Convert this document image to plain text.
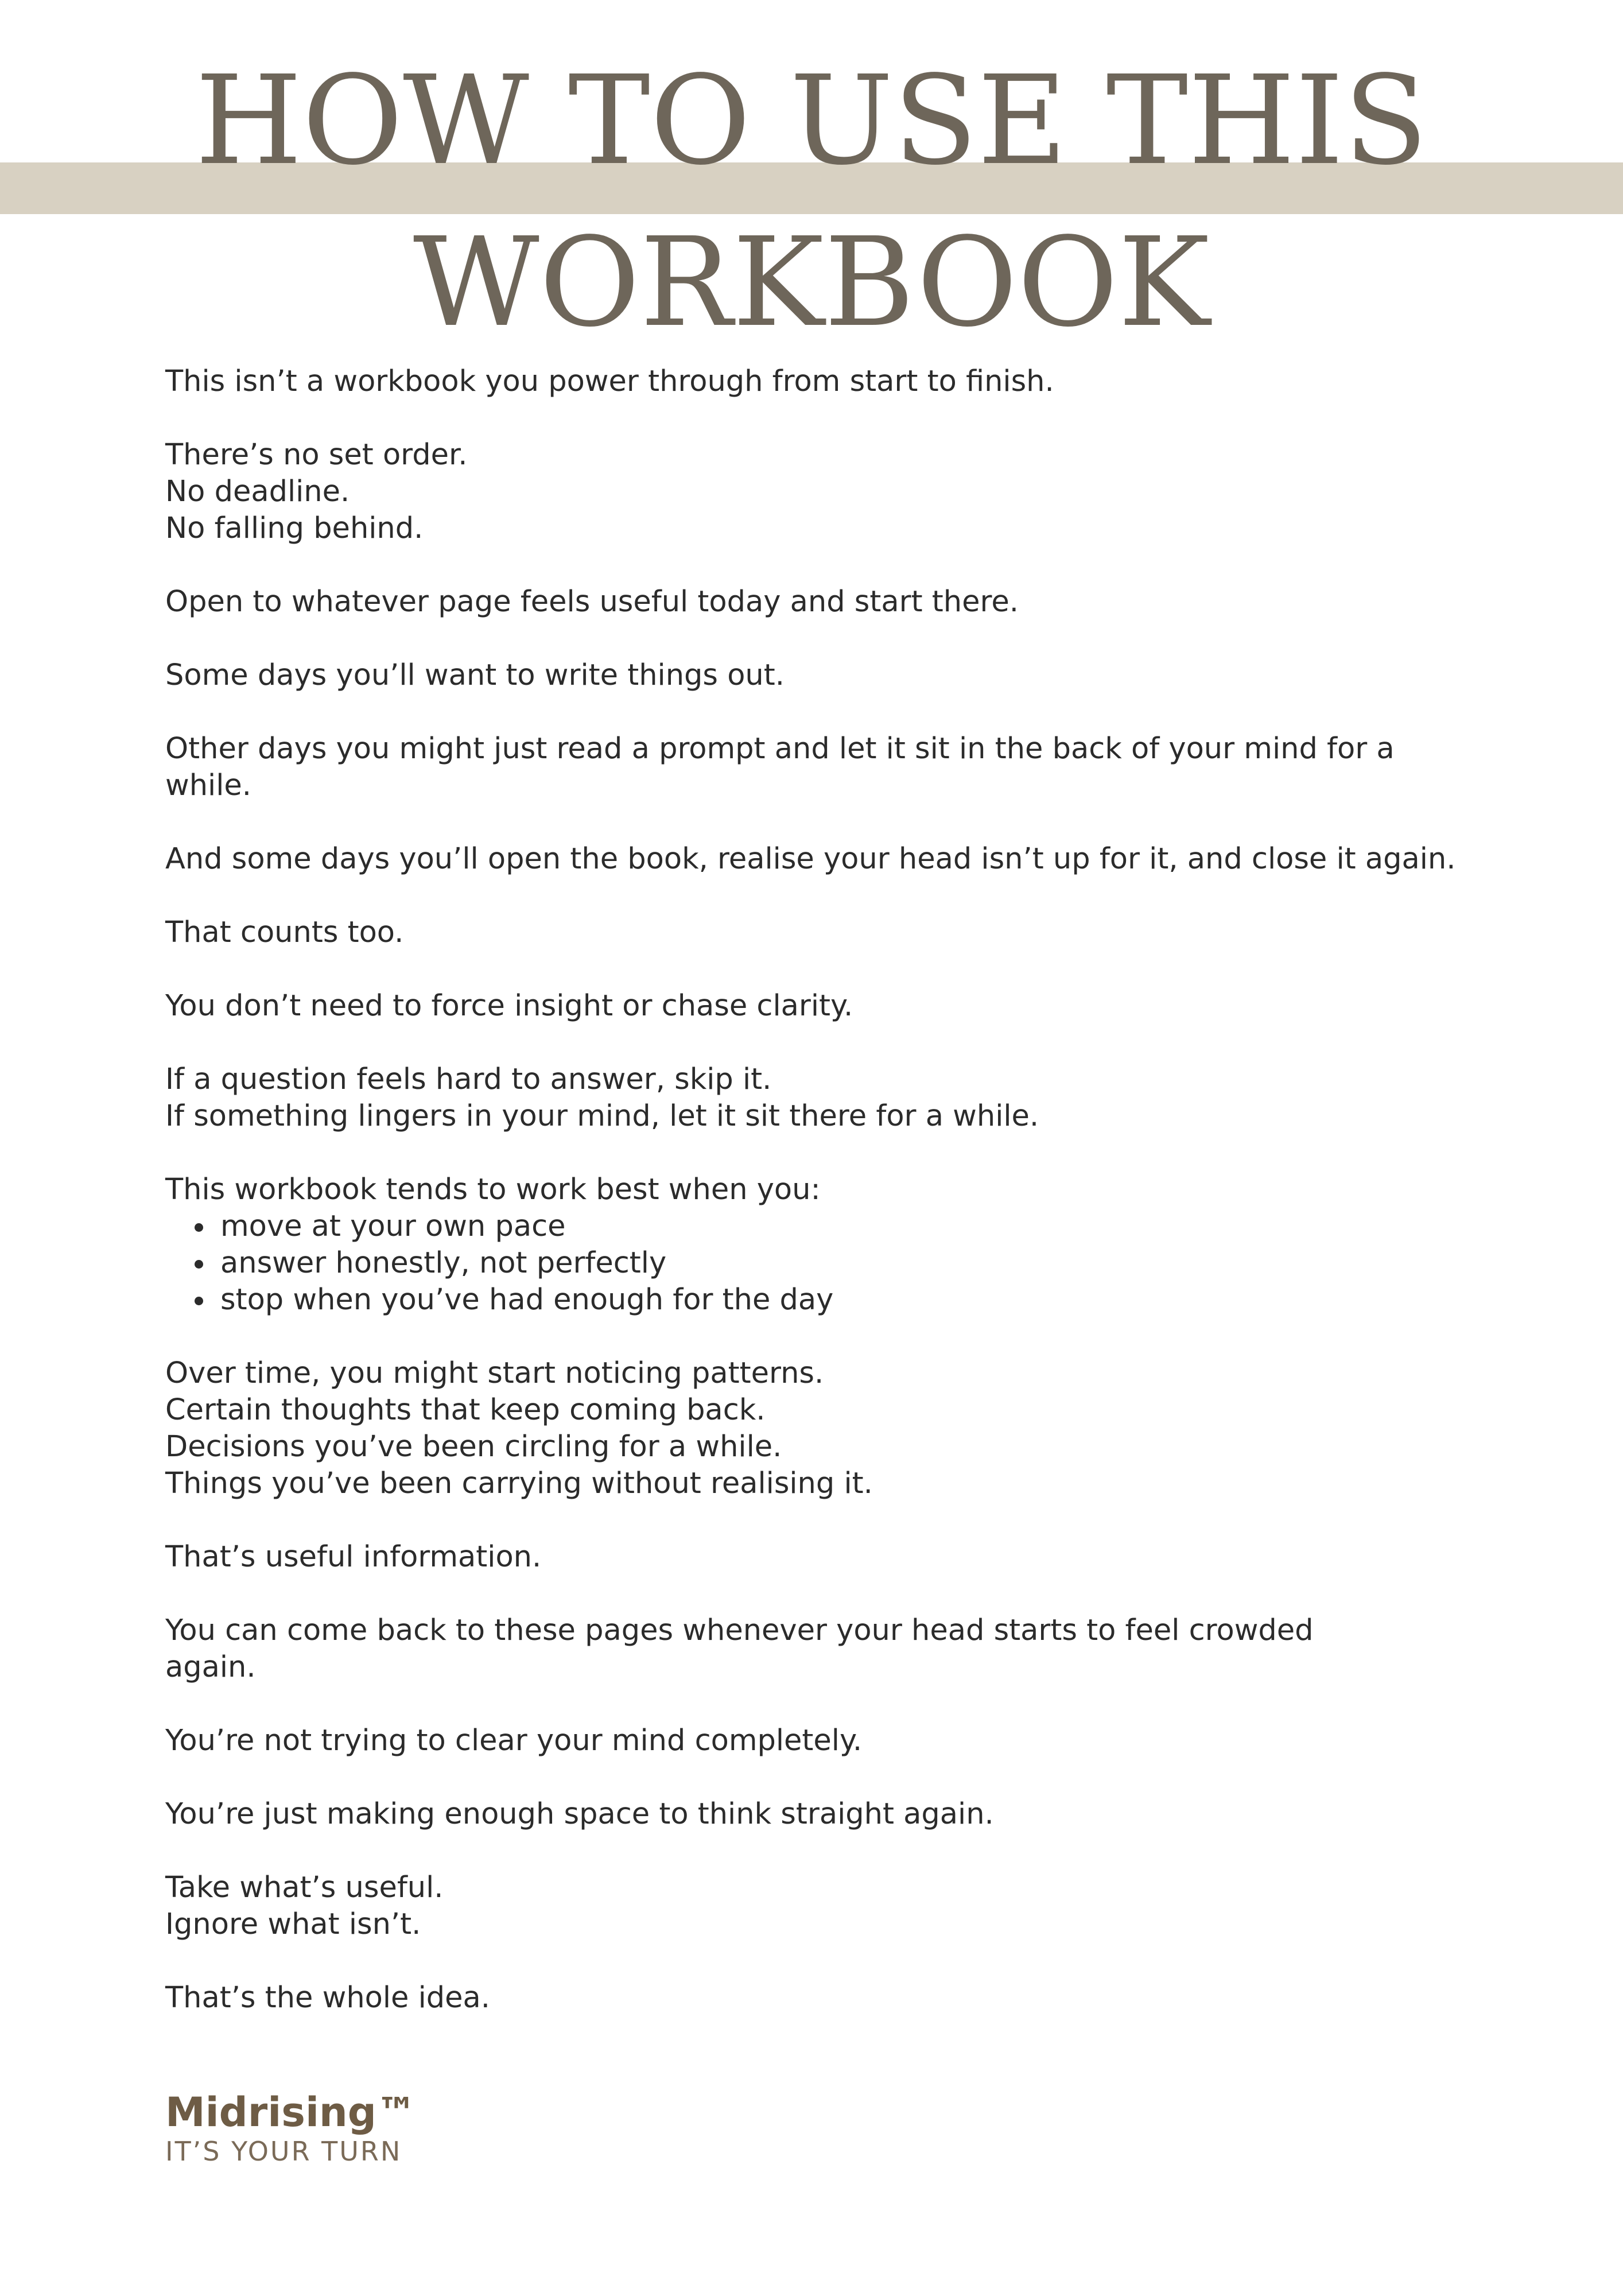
HOW TO USE THIS
WORKBOOK

This isn’t a workbook you power through from start to finish.

There’s no set order.
No deadline.
No falling behind.

Open to whatever page feels useful today and start there.

Some days you’ll want to write things out.

Other days you might just read a prompt and let it sit in the back of your mind for a while.

And some days you’ll open the book, realise your head isn’t up for it, and close it again.

That counts too.

You don’t need to force insight or chase clarity.

If a question feels hard to answer, skip it.
If something lingers in your mind, let it sit there for a while.

This workbook tends to work best when you:

• move at your own pace
• answer honestly, not perfectly
• stop when you’ve had enough for the day

Over time, you might start noticing patterns.
Certain thoughts that keep coming back.
Decisions you’ve been circling for a while.
Things you’ve been carrying without realising it.

That’s useful information.

You can come back to these pages whenever your head starts to feel crowded
again.

You’re not trying to clear your mind completely.

You’re just making enough space to think straight again.

Take what’s useful.
Ignore what isn’t.

That’s the whole idea.

Midrising™
IT’S YOUR TURN
